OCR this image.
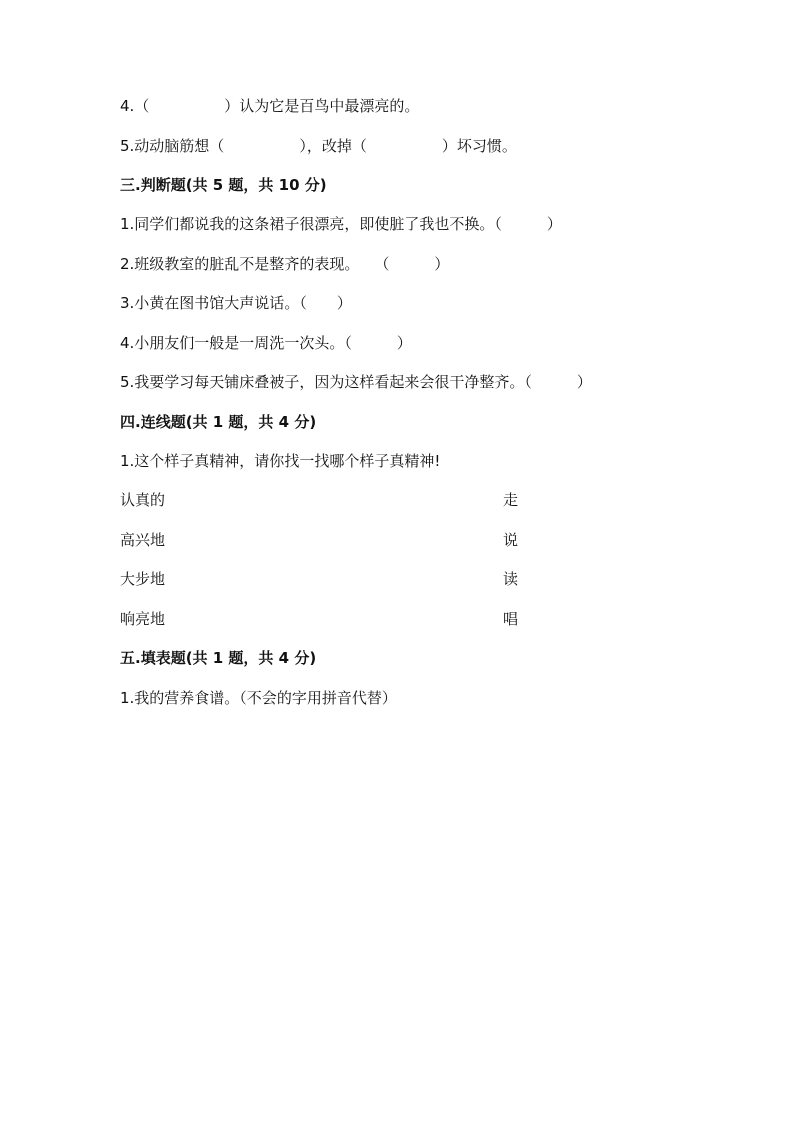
4.（　　　　　）认为它是百鸟中最漂亮的。
5.动动脑筋想（　　　　　），改掉（　　　　　）坏习惯。
三.判断题(共 5 题，共 10 分)
1.同学们都说我的这条裙子很漂亮，即使脏了我也不换。（　　　）
2.班级教室的脏乱不是整齐的表现。　　（　　　）
3.小黄在图书馆大声说话。（　　）
4.小朋友们一般是一周洗一次头。（　　　）
5.我要学习每天铺床叠被子，因为这样看起来会很干净整齐。（　　　）
四.连线题(共 1 题，共 4 分)
1.这个样子真精神，请你找一找哪个样子真精神!
认真的	走
高兴地	说
大步地	读
响亮地	唱
五.填表题(共 1 题，共 4 分)
1.我的营养食谱。（不会的字用拼音代替）
